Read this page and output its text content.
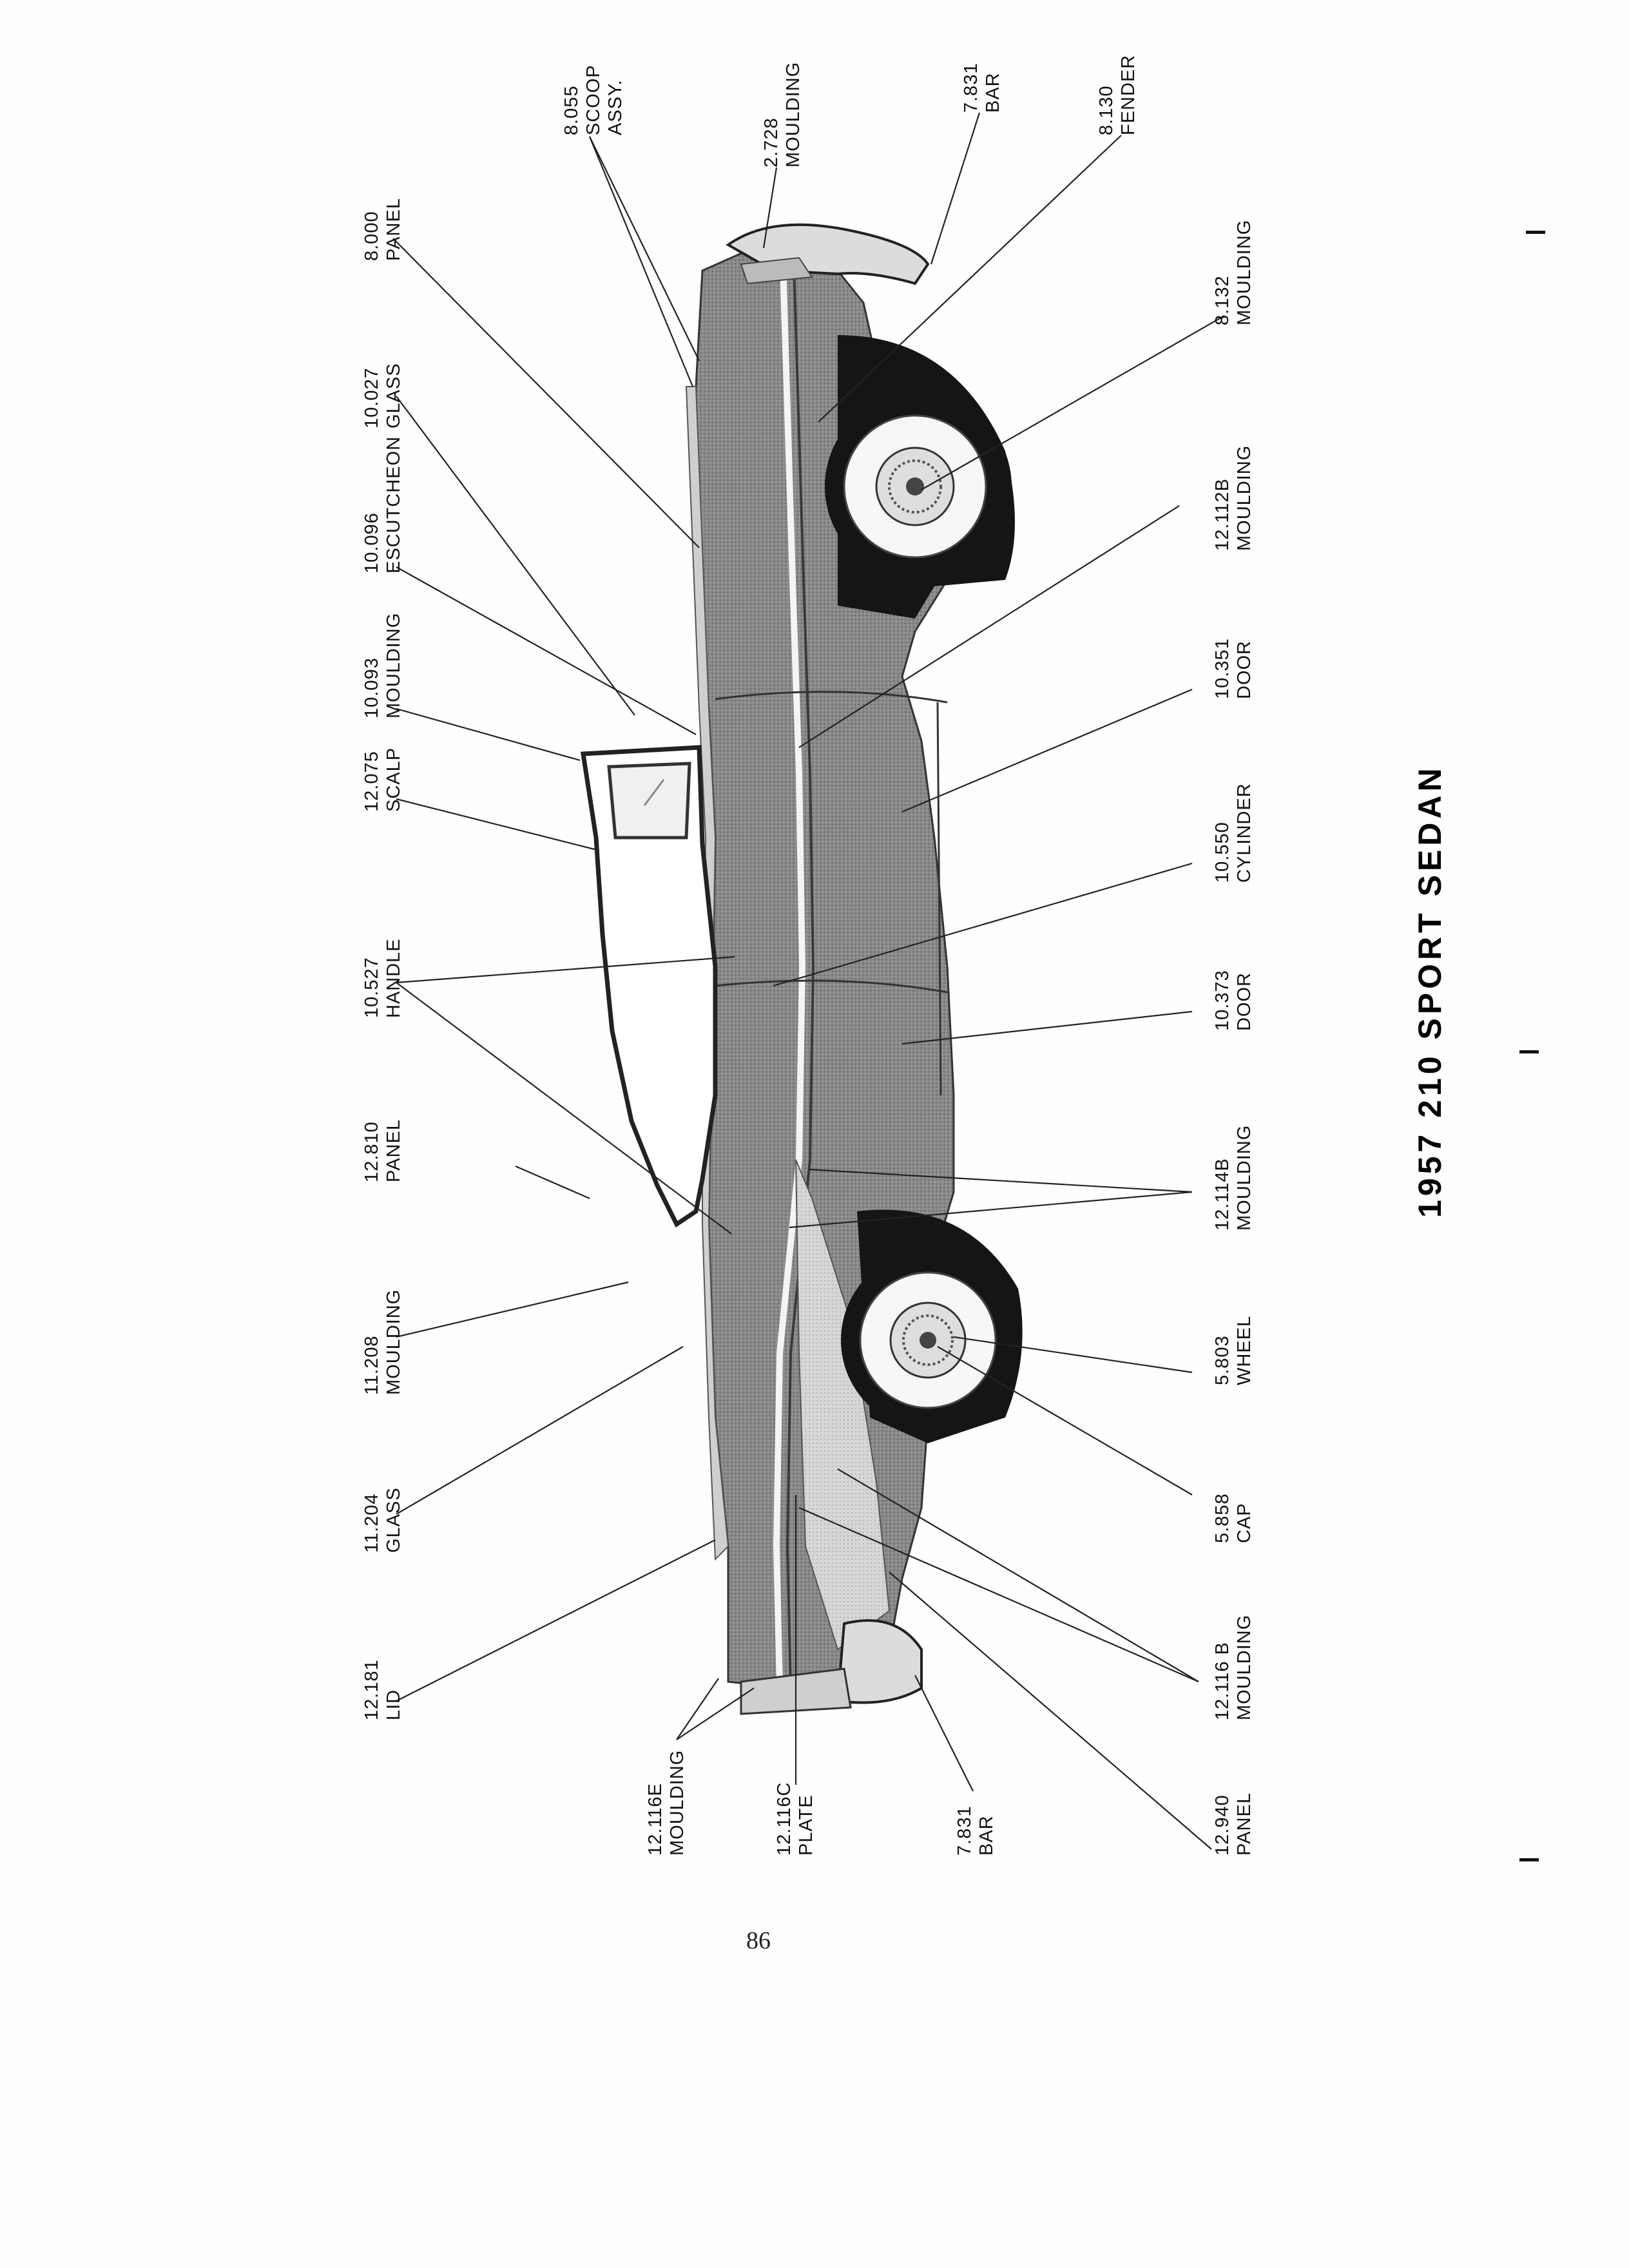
8.055 SCOOP ASSY.
2.728 MOULDING	7.831 BAR	8.130 FENDER
8.000 PANEL
10.027 GLASS
10.096 ESCUTCHEON
10.093 MOULDING
12.075 SCALP
10.527 HANDLE
12.810 PANEL
11.208 MOULDING
11.204 GLASS
12.181 LID
8.132 MOULDING
12.112B MOULDING
10.351 DOOR
10.550 CYLINDER
10.373 DOOR
12.114B MOULDING
5.803 WHEEL
5.858 CAP
12.116 B MOULDING
12.940 PANEL
12.116E MOULDING	12.116C PLATE	7.831 BAR
1957 210 SPORT SEDAN
86
